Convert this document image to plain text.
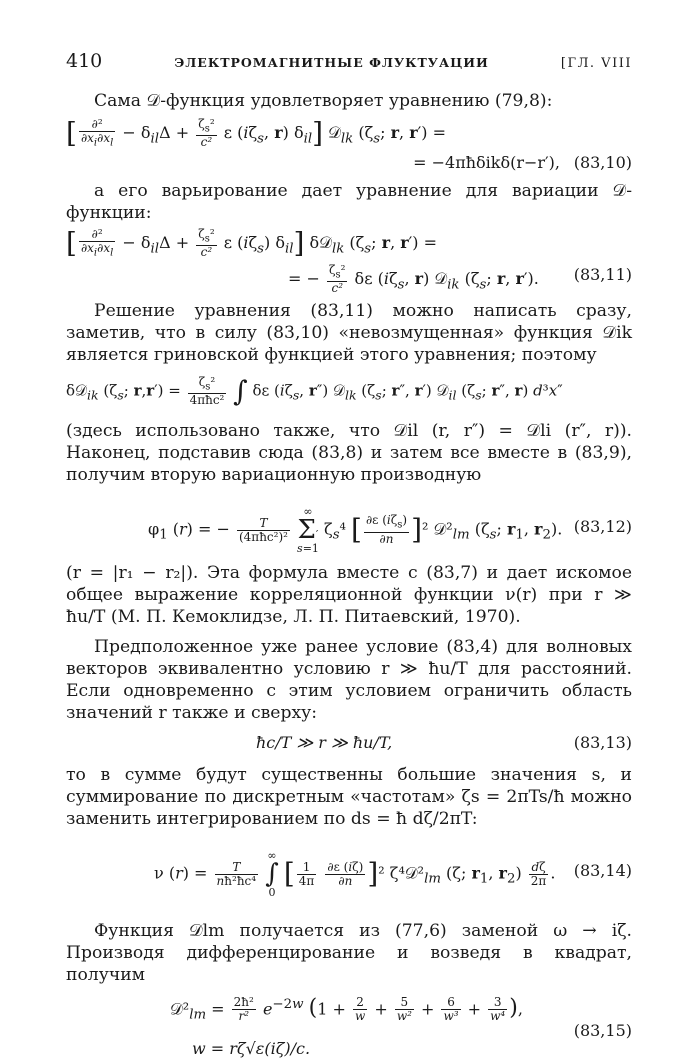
410	ЭЛЕКТРОМАГНИТНЫЕ ФЛУКТУАЦИИ	[ГЛ. VIII

Сама 𝒟-функция удовлетворяет уравнению (79,8):

[ $\frac{\text{∂²}}{\partial x_i\partial x_l} - \delta_{il}\Delta + \frac{\zeta_s^2}{\text{c²}}$ ε ($i\zeta_s$, r) $\delta_{il}$] 𝒟$_{lk}$ ($\zeta_s$; r, r′) =
= −4πħδikδ(r−r′), (83,10)

а его варьирование дает уравнение для вариации 𝒟-функции:

[ $\frac{\text{∂²}}{\partial x_i\partial x_l} - \delta_{il}\Delta + \frac{\zeta_s^2}{\text{c²}}$ ε $(i\zeta_s)$ $\delta_{il}$] δ𝒟$_{lk}$ ($\zeta_s$; r, r′) =
= − $\frac{\zeta_s^2}{\text{c²}}$ δε ($i\zeta_s$, r) 𝒟$_{ik}$ ($\zeta_s$; r, r′). (83,11)

Решение уравнения (83,11) можно написать сразу, заметив, что в силу (83,10) «невозмущенная» функция 𝒟ik является гриновской функцией этого уравнения; поэтому

δ𝒟$_{ik}$ ($\zeta_s$; $r,r') = \frac{\zeta_s^2}{\text{4πħc²}}$ ∫ δε ($i\zeta_s$, r″) 𝒟$_{lk}$ ($\zeta_s$; r″, r′) 𝒟$_{il}$ ($\zeta_s$; r″, r) d³x″

(здесь использовано также, что 𝒟il (r, r″) = 𝒟li (r″, r)). Наконец, подставив сюда (83,8) и затем все вместе в (83,9), получим вторую вариационную производную

$\varphi_1$ (r) = − $\frac{T}{\text{(4πħc²)²}}$
∞
Σ′
s=1 $\zeta_s^4$ [ $\frac{\partial\varepsilon (i\zeta_s)}{\partial n} ]^2$ $𝒟^2_{lm}$ ($\zeta_s$; $r_1$, $r_2$). (83,12)

(r = |r₁ − r₂|). Эта формула вместе с (83,7) и дает искомое общее выражение корреляционной функции ν(r) при r ≫ ħu/T (М. П. Кемоклидзе, Л. П. Питаевский, 1970).

Предположенное уже ранее условие (83,4) для волновых векторов эквивалентно условию r ≫ ħu/T для расстояний. Если одновременно с этим условием ограничить область значений r также и сверху:

ħc/T ≫ r ≫ ħu/T,	(83,13)

то в сумме будут существенны большие значения s, и суммирование по дискретным «частотам» ζs = 2πTs/ħ можно заменить интегрированием по ds = ħ dζ/2πT:

ν $(r) = \frac{T}{\text{nħ²ħc⁴}}$
∞
∫
0 [ $\frac{1}{4\pi}$
$\frac{\partial\varepsilon (i\zeta)}{\partial n} ]^2$ $\zeta^4𝒟^2_{lm}$ (ζ; $r_1$, $r_2) \frac{d\zeta}{2\pi}$ . (83,14)

Функция 𝒟lm получается из (77,6) заменой ω → iζ. Производя дифференцирование и возведя в квадрат, получим

$𝒟^2_{lm} = \frac{\text{2ħ²}}{\text{r²}} e^{-2w}$ ($1 + \frac{2}{w} + \frac{5}{\text{w²}} + \frac{6}{\text{w³}} + \frac{3}{\text{w⁴}}$ ),
w = rζ√ε(iζ)/c.
(83,15)
